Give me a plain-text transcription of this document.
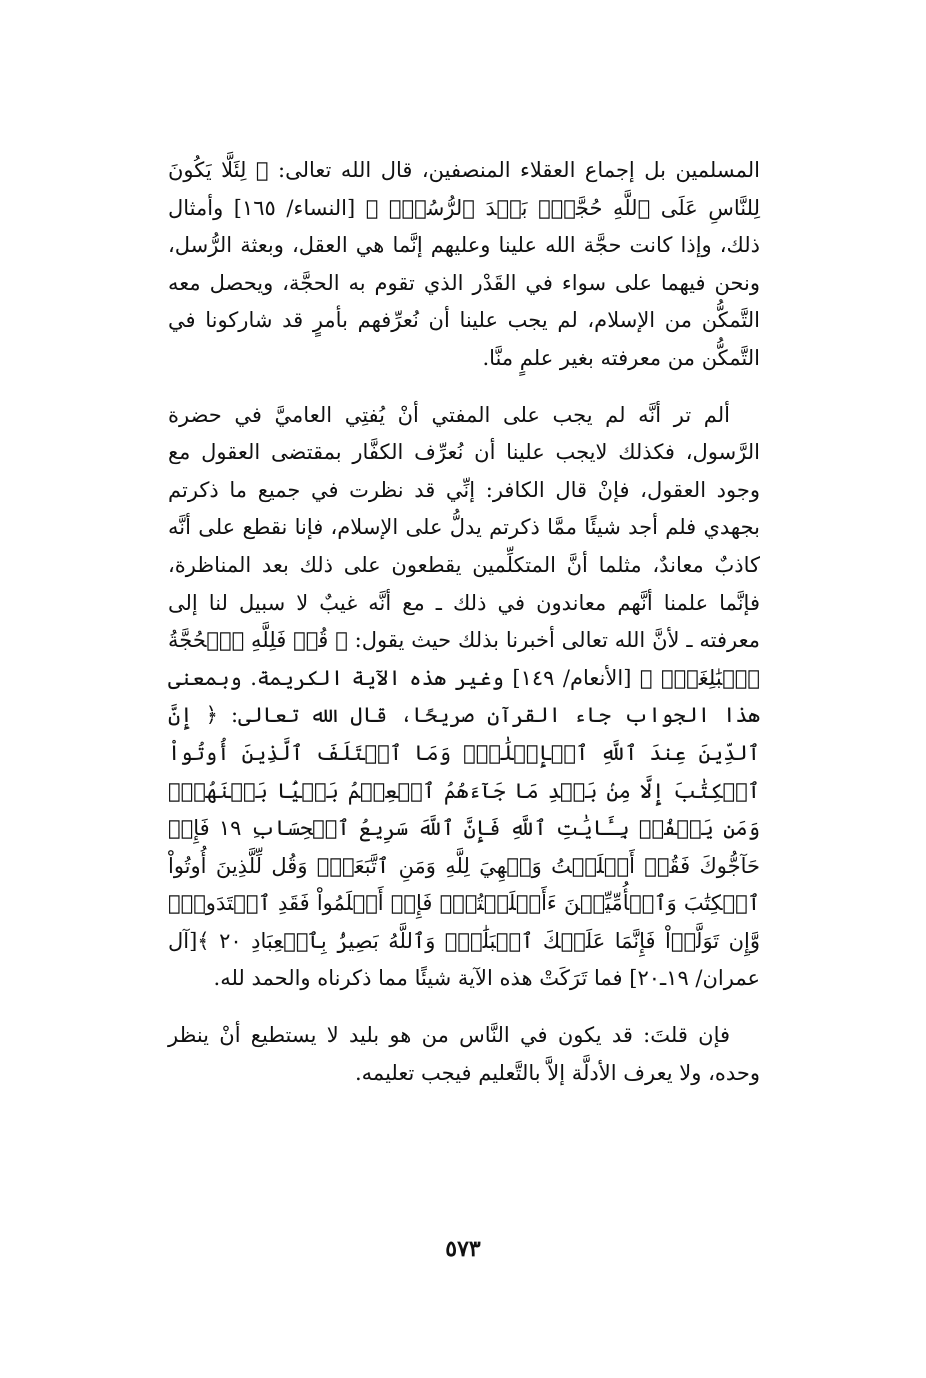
المسلمين بل إجماع العقلاء المنصفين، قال الله تعالى: ﴿ لِئَلَّا يَكُونَ لِلنَّاسِ عَلَى ٱللَّهِ حُجَّةُۢ بَعۡدَ ٱلرُّسُلِۚ ﴾ [النساء/ ١٦٥] وأمثال ذلك، وإذا كانت حجَّة الله علينا وعليهم إنَّما هي العقل، وبعثة الرُّسل، ونحن فيهما على سواء في القَدْر الذي تقوم به الحجَّة، ويحصل معه التَّمكُّن من الإسلام، لم يجب علينا أن نُعرِّفهم بأمرٍ قد شاركونا في التَّمكُّن من معرفته بغير علمٍ منَّا.

ألم تر أنَّه لم يجب على المفتي أنْ يُفتِي العاميَّ في حضرة الرَّسول، فكذلك لايجب علينا أن نُعرِّف الكفَّار بمقتضى العقول مع وجود العقول، فإنْ قال الكافر: إنِّي قد نظرت في جميع ما ذكرتم بجهدي فلم أجد شيئًا ممَّا ذكرتم يدلُّ على الإسلام، فإنا نقطع على أنَّه كاذبٌ معاندٌ، مثلما أنَّ المتكلِّمين يقطعون على ذلك بعد المناظرة، فإنَّما علمنا أنَّهم معاندون في ذلك ـ مع أنَّه غيبٌ لا سبيل لنا إلى معرفته ـ لأنَّ الله تعالى أخبرنا بذلك حيث يقول: ﴿ قُلۡ فَلِلَّهِ ٱلۡحُجَّةُ ٱلۡبَٰلِغَةُۖ ﴾ [الأنعام/ ١٤٩] وغير هذه الآية الكريمة. وبمعنى هذا الجواب جاء القرآن صريحًا، قال الله تعالى: ﴿ إِنَّ ٱلدِّينَ عِندَ ٱللَّهِ ٱلۡإِسۡلَٰمُۗ وَمَا ٱخۡتَلَفَ ٱلَّذِينَ أُوتُواْ ٱلۡكِتَٰبَ إِلَّا مِنۢ بَعۡدِ مَا جَآءَهُمُ ٱلۡعِلۡمُ بَغۡيَۢا بَيۡنَهُمۡۗ وَمَن يَكۡفُرۡ بِـَٔايَٰتِ ٱللَّهِ فَإِنَّ ٱللَّهَ سَرِيعُ ٱلۡحِسَابِ ١٩ فَإِنۡ حَآجُّوكَ فَقُلۡ أَسۡلَمۡتُ وَجۡهِيَ لِلَّهِ وَمَنِ ٱتَّبَعَنِۗ وَقُل لِّلَّذِينَ أُوتُواْ ٱلۡكِتَٰبَ وَٱلۡأُمِّيِّـۧنَ ءَأَسۡلَمۡتُمۡۚ فَإِنۡ أَسۡلَمُواْ فَقَدِ ٱهۡتَدَواْۖ وَّإِن تَوَلَّوۡاْ فَإِنَّمَا عَلَيۡكَ ٱلۡبَلَٰغُۗ وَٱللَّهُ بَصِيرُۢ بِٱلۡعِبَادِ ٢٠ ﴾[آل عمران/ ١٩ـ٢٠] فما تَرَكَتْ هذه الآية شيئًا مما ذكرناه والحمد لله.

فإن قلتَ: قد يكون في النَّاس من هو بليد لا يستطيع أنْ ينظر وحده، ولا يعرف الأدلَّة إلاَّ بالتَّعليم فيجب تعليمه.

٥٧٣
